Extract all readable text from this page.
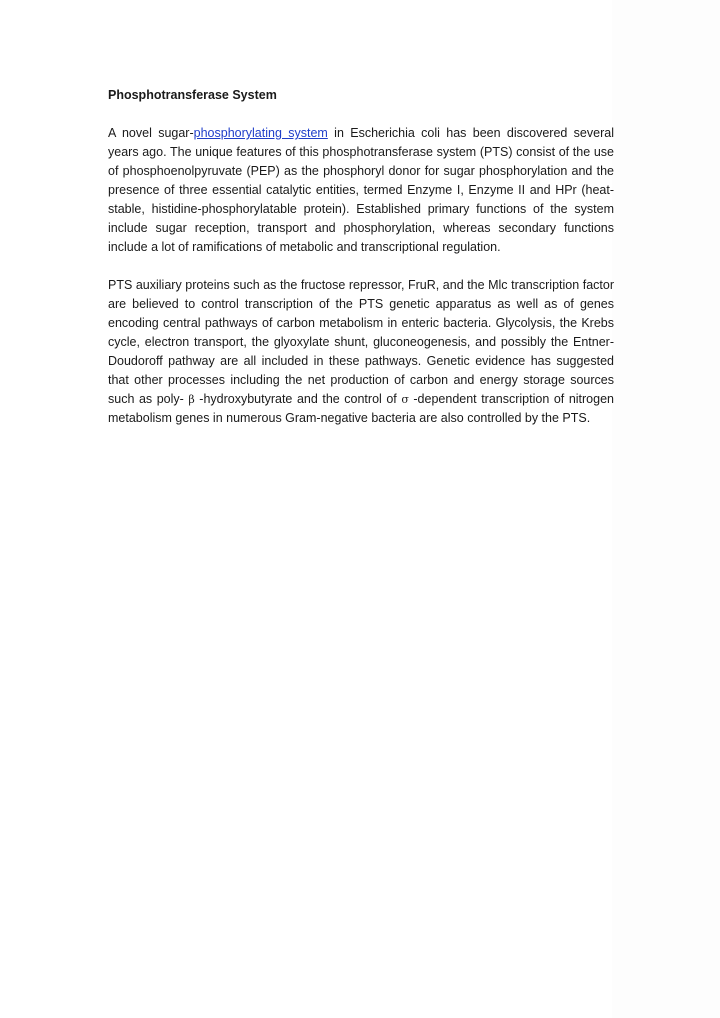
Phosphotransferase System

A novel sugar-phosphorylating system in Escherichia coli has been discovered several years ago. The unique features of this phosphotransferase system (PTS) consist of the use of phosphoenolpyruvate (PEP) as the phosphoryl donor for sugar phosphorylation and the presence of three essential catalytic entities, termed Enzyme I, Enzyme II and HPr (heat-stable, histidine-phosphorylatable protein). Established primary functions of the system include sugar reception, transport and phosphorylation, whereas secondary functions include a lot of ramifications of metabolic and transcriptional regulation.

PTS auxiliary proteins such as the fructose repressor, FruR, and the Mlc transcription factor are believed to control transcription of the PTS genetic apparatus as well as of genes encoding central pathways of carbon metabolism in enteric bacteria. Glycolysis, the Krebs cycle, electron transport, the glyoxylate shunt, gluconeogenesis, and possibly the Entner-Doudoroff pathway are all included in these pathways. Genetic evidence has suggested that other processes including the net production of carbon and energy storage sources such as poly- β -hydroxybutyrate and the control of σ -dependent transcription of nitrogen metabolism genes in numerous Gram-negative bacteria are also controlled by the PTS.
